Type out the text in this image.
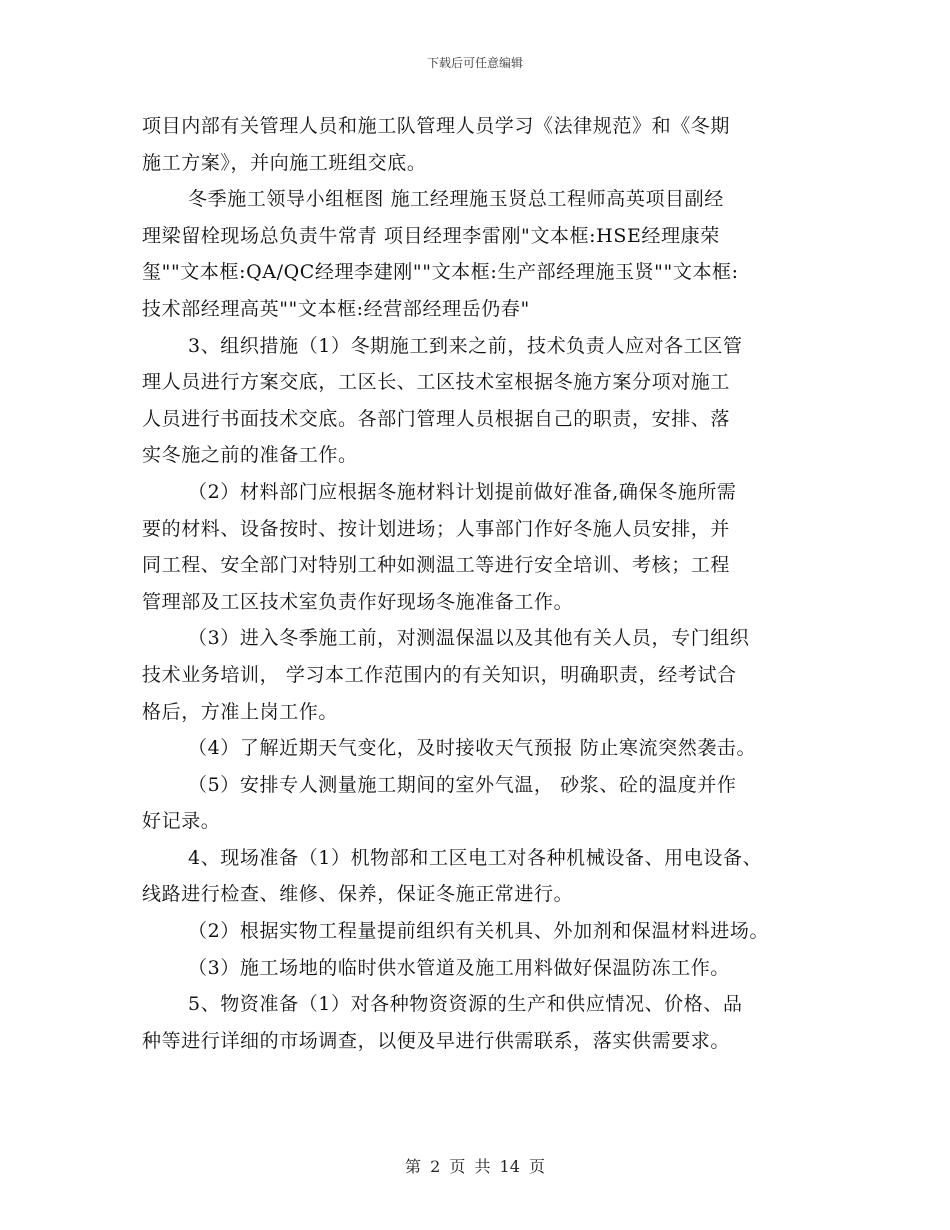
下载后可任意编辑
项目内部有关管理人员和施工队管理人员学习《法律规范》和《冬期
施工方案》，并向施工班组交底。
冬季施工领导小组框图 施工经理施玉贤总工程师高英项目副经
理梁留栓现场总负责牛常青 项目经理李雷刚"文本框:HSE经理康荣
玺""文本框:QA/QC经理李建刚""文本框:生产部经理施玉贤""文本框:
技术部经理高英""文本框:经营部经理岳仍春"
3、组织措施（1）冬期施工到来之前，技术负责人应对各工区管
理人员进行方案交底，工区长、工区技术室根据冬施方案分项对施工
人员进行书面技术交底。各部门管理人员根据自己的职责，安排、落
实冬施之前的准备工作。
（2）材料部门应根据冬施材料计划提前做好准备,确保冬施所需
要的材料、设备按时、按计划进场；人事部门作好冬施人员安排，并
同工程、安全部门对特别工种如测温工等进行安全培训、考核；工程
管理部及工区技术室负责作好现场冬施准备工作。
（3）进入冬季施工前，对测温保温以及其他有关人员，专门组织
技术业务培训， 学习本工作范围内的有关知识，明确职责，经考试合
格后，方准上岗工作。
（4）了解近期天气变化，及时接收天气预报 防止寒流突然袭击。
（5）安排专人测量施工期间的室外气温， 砂浆、砼的温度并作
好记录。
4、现场准备（1）机物部和工区电工对各种机械设备、用电设备、
线路进行检查、维修、保养，保证冬施正常进行。
（2）根据实物工程量提前组织有关机具、外加剂和保温材料进场。
（3）施工场地的临时供水管道及施工用料做好保温防冻工作。
5、物资准备（1）对各种物资资源的生产和供应情况、价格、品
种等进行详细的市场调查，以便及早进行供需联系，落实供需要求。
第 2 页 共 14 页
